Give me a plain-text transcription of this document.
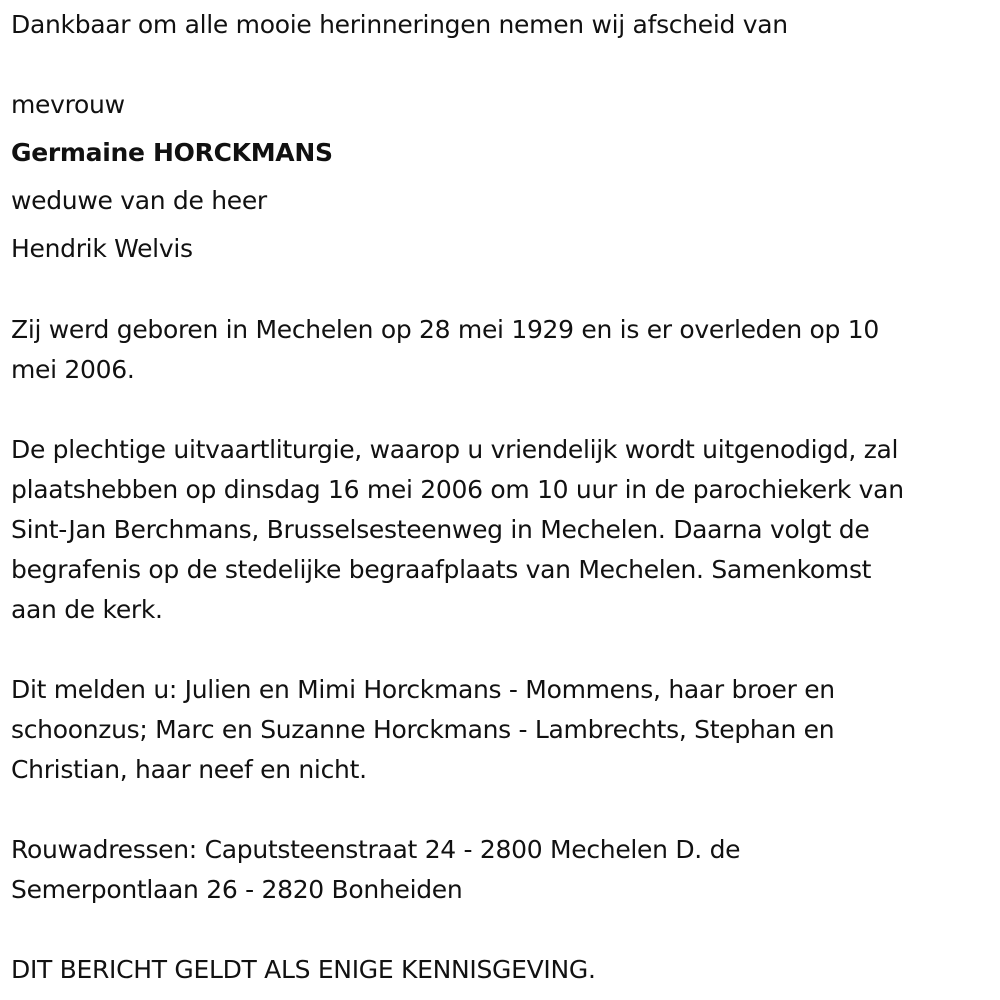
Dankbaar om alle mooie herinneringen nemen wij afscheid van
mevrouw
Germaine HORCKMANS
weduwe van de heer
Hendrik Welvis
Zij werd geboren in Mechelen op 28 mei 1929 en is er overleden op 10
mei 2006.
De plechtige uitvaartliturgie, waarop u vriendelijk wordt uitgenodigd, zal
plaatshebben op dinsdag 16 mei 2006 om 10 uur in de parochiekerk van
Sint-Jan Berchmans, Brusselsesteenweg in Mechelen. Daarna volgt de
begrafenis op de stedelijke begraafplaats van Mechelen. Samenkomst
aan de kerk.
Dit melden u: Julien en Mimi Horckmans - Mommens, haar broer en
schoonzus; Marc en Suzanne Horckmans - Lambrechts, Stephan en
Christian, haar neef en nicht.
Rouwadressen: Caputsteenstraat 24 - 2800 Mechelen D. de
Semerpontlaan 26 - 2820 Bonheiden
DIT BERICHT GELDT ALS ENIGE KENNISGEVING.
